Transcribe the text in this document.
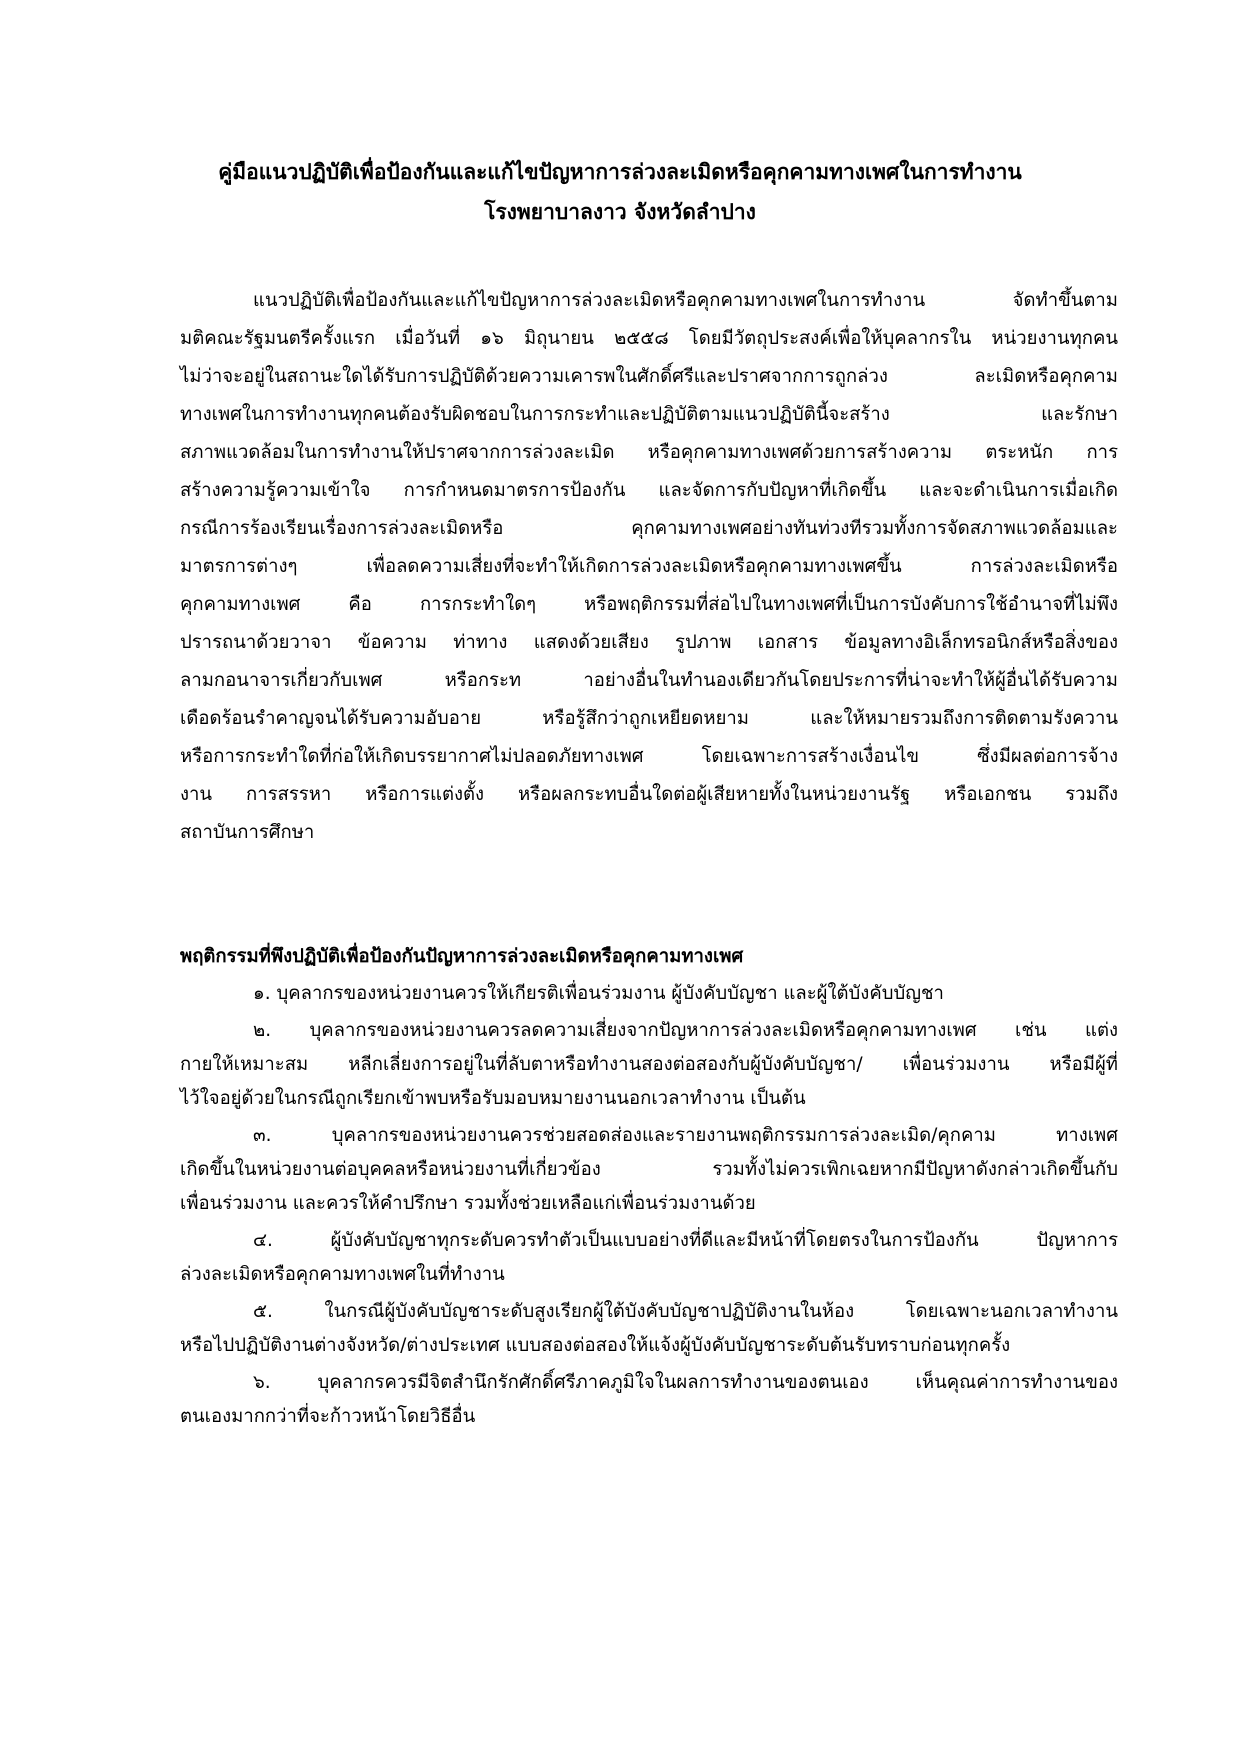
คู่มือแนวปฏิบัติเพื่อป้องกันและแก้ไขปัญหาการล่วงละเมิดหรือคุกคามทางเพศในการทำงาน
โรงพยาบาลงาว จังหวัดลำปาง
แนวปฏิบัติเพื่อป้องกันและแก้ไขปัญหาการล่วงละเมิดหรือคุกคามทางเพศในการทำงาน จัดทำขึ้นตาม
มติคณะรัฐมนตรีครั้งแรก เมื่อวันที่ ๑๖ มิถุนายน ๒๕๕๘ โดยมีวัตถุประสงค์เพื่อให้บุคลากรใน หน่วยงานทุกคน
ไม่ว่าจะอยู่ในสถานะใดได้รับการปฏิบัติด้วยความเคารพในศักดิ์ศรีและปราศจากการถูกล่วง ละเมิดหรือคุกคาม
ทางเพศในการทำงานทุกคนต้องรับผิดชอบในการกระทำและปฏิบัติตามแนวปฏิบัตินี้จะสร้าง และรักษา
สภาพแวดล้อมในการทำงานให้ปราศจากการล่วงละเมิด หรือคุกคามทางเพศด้วยการสร้างความ ตระหนัก การ
สร้างความรู้ความเข้าใจ การกำหนดมาตรการป้องกัน และจัดการกับปัญหาที่เกิดขึ้น และจะดำเนินการเมื่อเกิด
กรณีการร้องเรียนเรื่องการล่วงละเมิดหรือ คุกคามทางเพศอย่างทันท่วงทีรวมทั้งการจัดสภาพแวดล้อมและ
มาตรการต่างๆ เพื่อลดความเสี่ยงที่จะทำให้เกิดการล่วงละเมิดหรือคุกคามทางเพศขึ้น การล่วงละเมิดหรือ
คุกคามทางเพศ คือ การกระทำใดๆ หรือพฤติกรรมที่ส่อไปในทางเพศที่เป็นการบังคับการใช้อำนาจที่ไม่พึง
ปรารถนาด้วยวาจา ข้อความ ท่าทาง แสดงด้วยเสียง รูปภาพ เอกสาร ข้อมูลทางอิเล็กทรอนิกส์หรือสิ่งของ
ลามกอนาจารเกี่ยวกับเพศ หรือกระท าอย่างอื่นในทำนองเดียวกันโดยประการที่น่าจะทำให้ผู้อื่นได้รับความ
เดือดร้อนรำคาญจนได้รับความอับอาย หรือรู้สึกว่าถูกเหยียดหยาม และให้หมายรวมถึงการติดตามรังควาน
หรือการกระทำใดที่ก่อให้เกิดบรรยากาศไม่ปลอดภัยทางเพศ โดยเฉพาะการสร้างเงื่อนไข ซึ่งมีผลต่อการจ้าง
งาน การสรรหา หรือการแต่งตั้ง หรือผลกระทบอื่นใดต่อผู้เสียหายทั้งในหน่วยงานรัฐ หรือเอกชน รวมถึง
สถาบันการศึกษา
พฤติกรรมที่พึงปฏิบัติเพื่อป้องกันปัญหาการล่วงละเมิดหรือคุกคามทางเพศ
๑. บุคลากรของหน่วยงานควรให้เกียรติเพื่อนร่วมงาน ผู้บังคับบัญชา และผู้ใต้บังคับบัญชา
๒. บุคลากรของหน่วยงานควรลดความเสี่ยงจากปัญหาการล่วงละเมิดหรือคุกคามทางเพศ เช่น แต่ง
กายให้เหมาะสม หลีกเลี่ยงการอยู่ในที่ลับตาหรือทำงานสองต่อสองกับผู้บังคับบัญชา/ เพื่อนร่วมงาน หรือมีผู้ที่
ไว้ใจอยู่ด้วยในกรณีถูกเรียกเข้าพบหรือรับมอบหมายงานนอกเวลาทำงาน เป็นต้น
๓. บุคลากรของหน่วยงานควรช่วยสอดส่องและรายงานพฤติกรรมการล่วงละเมิด/คุกคาม ทางเพศ
เกิดขึ้นในหน่วยงานต่อบุคคลหรือหน่วยงานที่เกี่ยวข้อง รวมทั้งไม่ควรเพิกเฉยหากมีปัญหาดังกล่าวเกิดขึ้นกับ
เพื่อนร่วมงาน และควรให้คำปรึกษา รวมทั้งช่วยเหลือแก่เพื่อนร่วมงานด้วย
๔. ผู้บังคับบัญชาทุกระดับควรทำตัวเป็นแบบอย่างที่ดีและมีหน้าที่โดยตรงในการป้องกัน ปัญหาการ
ล่วงละเมิดหรือคุกคามทางเพศในที่ทำงาน
๕. ในกรณีผู้บังคับบัญชาระดับสูงเรียกผู้ใต้บังคับบัญชาปฏิบัติงานในห้อง โดยเฉพาะนอกเวลาทำงาน
หรือไปปฏิบัติงานต่างจังหวัด/ต่างประเทศ แบบสองต่อสองให้แจ้งผู้บังคับบัญชาระดับต้นรับทราบก่อนทุกครั้ง
๖. บุคลากรควรมีจิตสำนึกรักศักดิ์ศรีภาคภูมิใจในผลการทำงานของตนเอง เห็นคุณค่าการทำงานของ
ตนเองมากกว่าที่จะก้าวหน้าโดยวิธีอื่น
